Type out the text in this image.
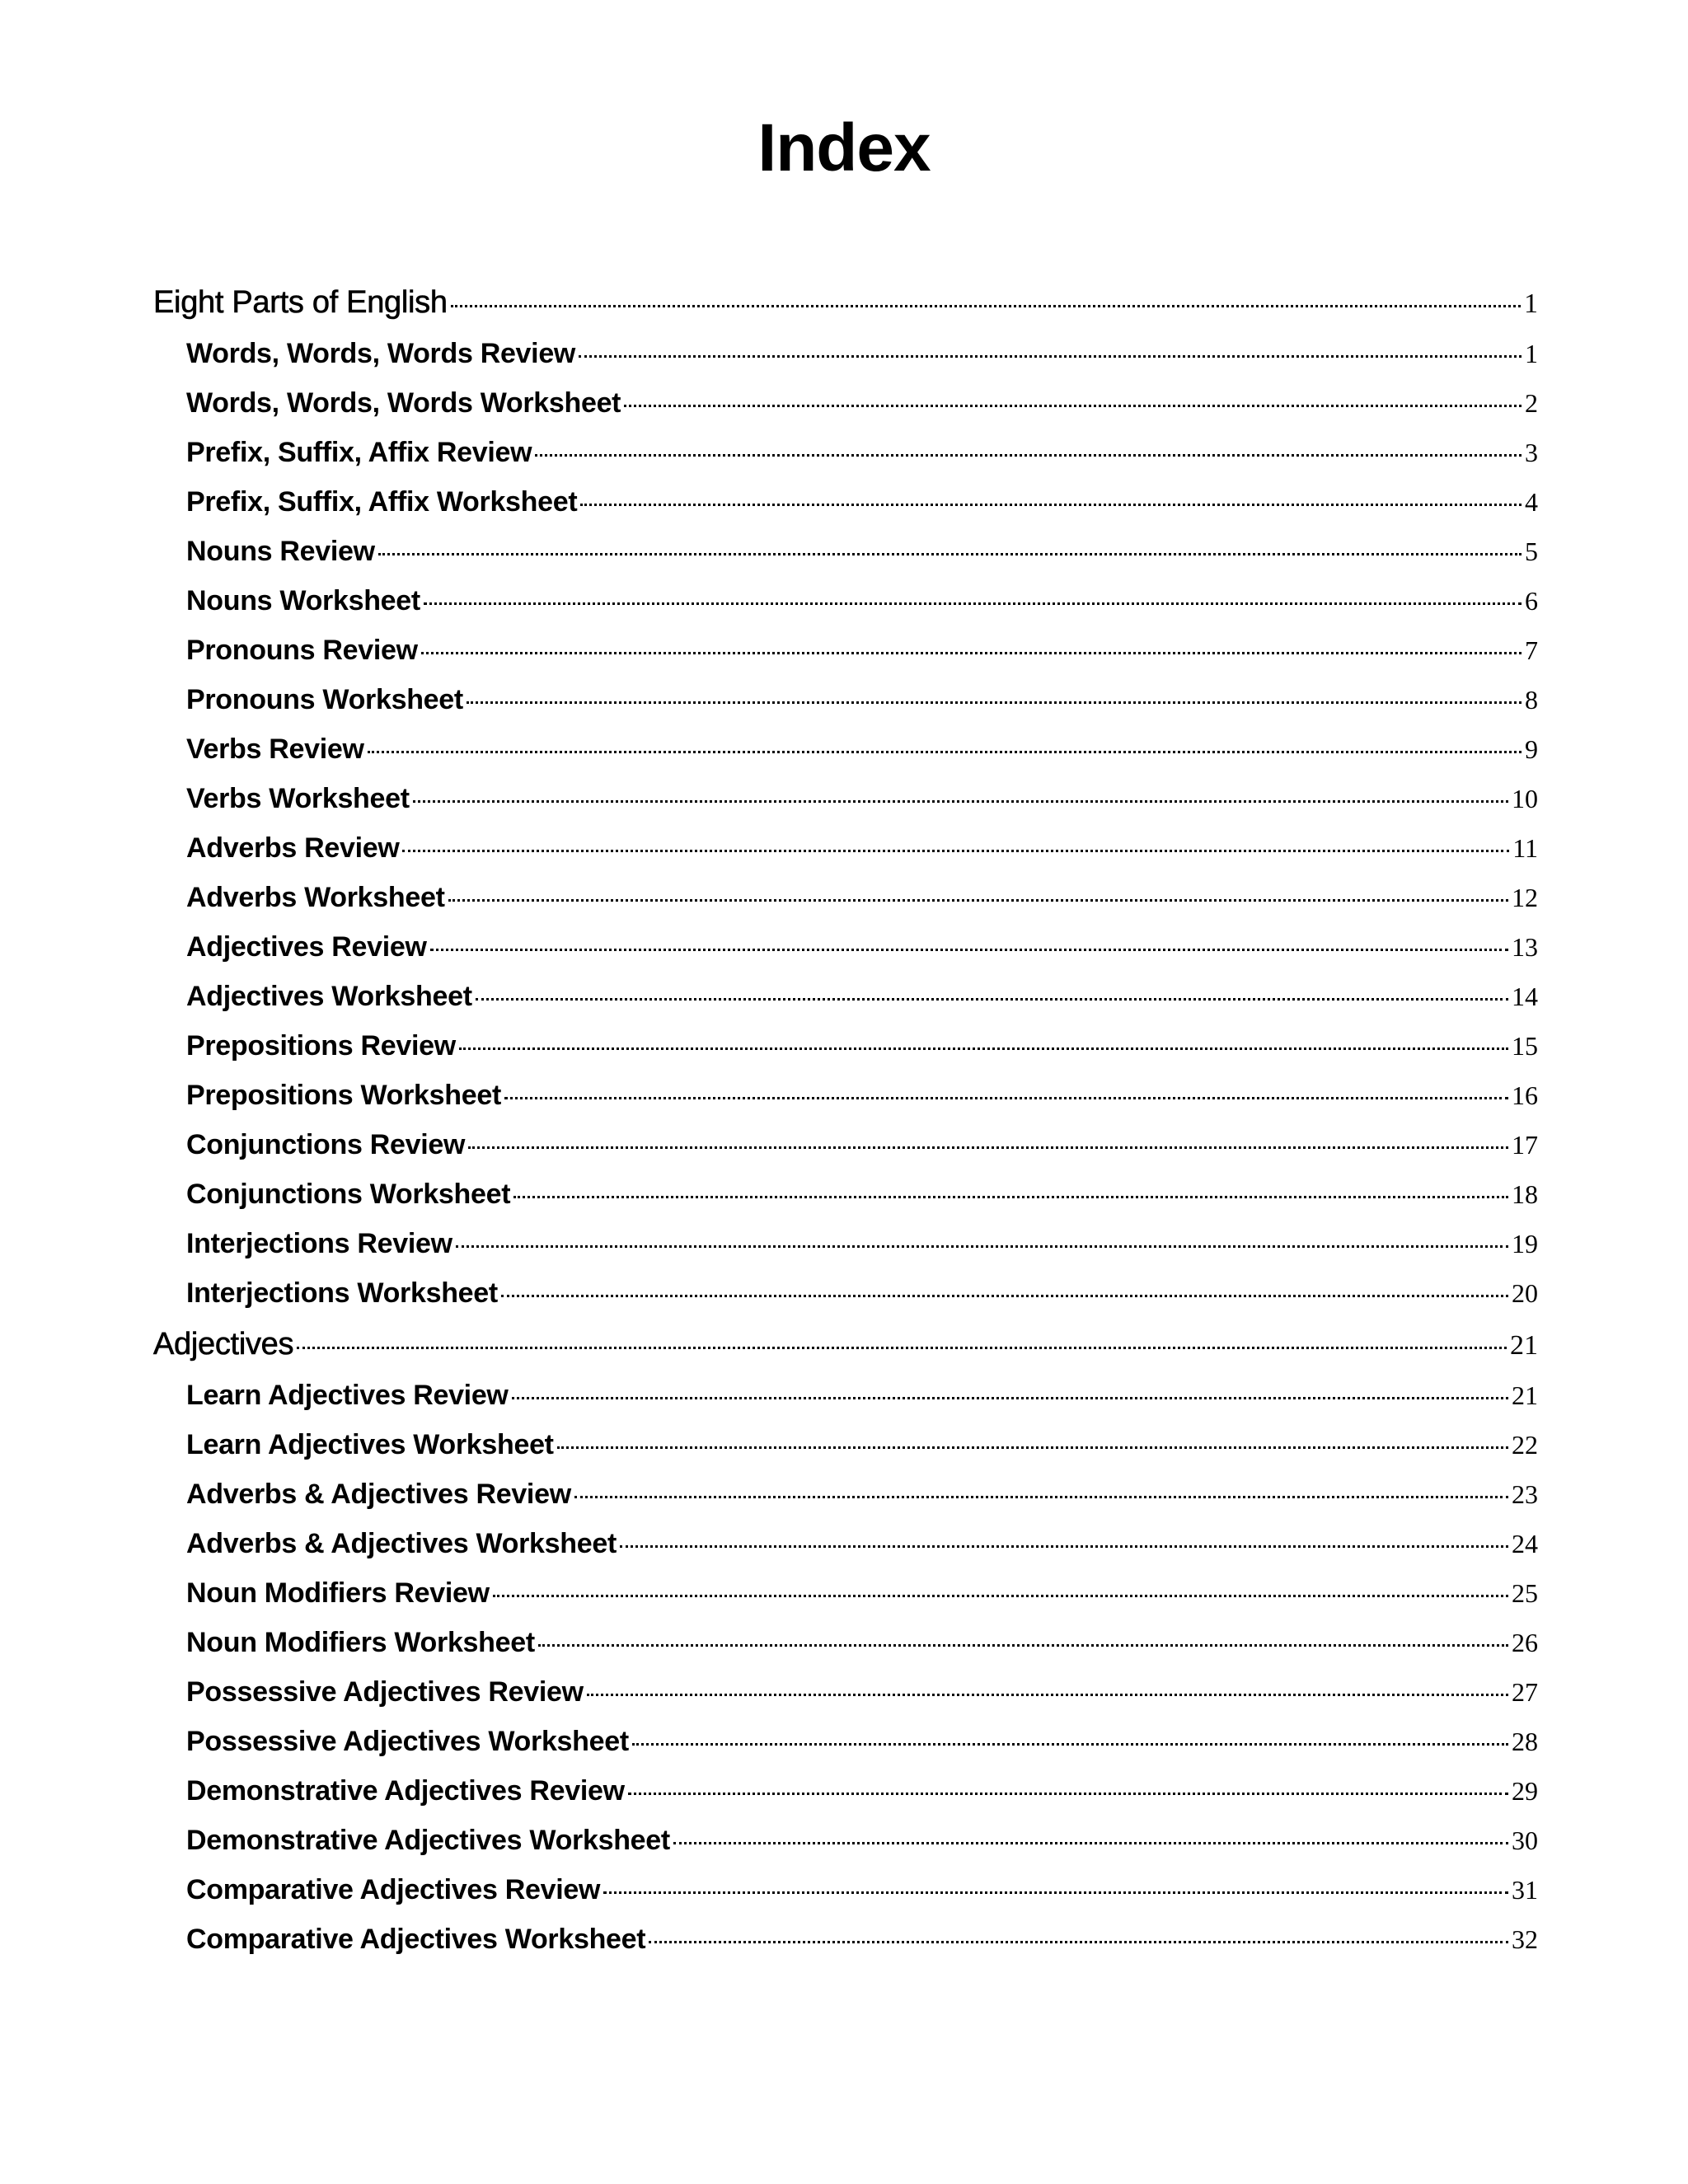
Index
Eight Parts of English	1
Words, Words, Words Review	1
Words, Words, Words Worksheet	2
Prefix, Suffix, Affix Review	3
Prefix, Suffix, Affix Worksheet	4
Nouns Review	5
Nouns Worksheet	6
Pronouns Review	7
Pronouns Worksheet	8
Verbs Review	9
Verbs Worksheet	10
Adverbs Review	11
Adverbs Worksheet	12
Adjectives Review	13
Adjectives Worksheet	14
Prepositions Review	15
Prepositions Worksheet	16
Conjunctions Review	17
Conjunctions Worksheet	18
Interjections Review	19
Interjections Worksheet	20
Adjectives	21
Learn Adjectives Review	21
Learn Adjectives Worksheet	22
Adverbs & Adjectives Review	23
Adverbs & Adjectives Worksheet	24
Noun Modifiers Review	25
Noun Modifiers Worksheet	26
Possessive Adjectives Review	27
Possessive Adjectives Worksheet	28
Demonstrative Adjectives Review	29
Demonstrative Adjectives Worksheet	30
Comparative Adjectives Review	31
Comparative Adjectives Worksheet	32
